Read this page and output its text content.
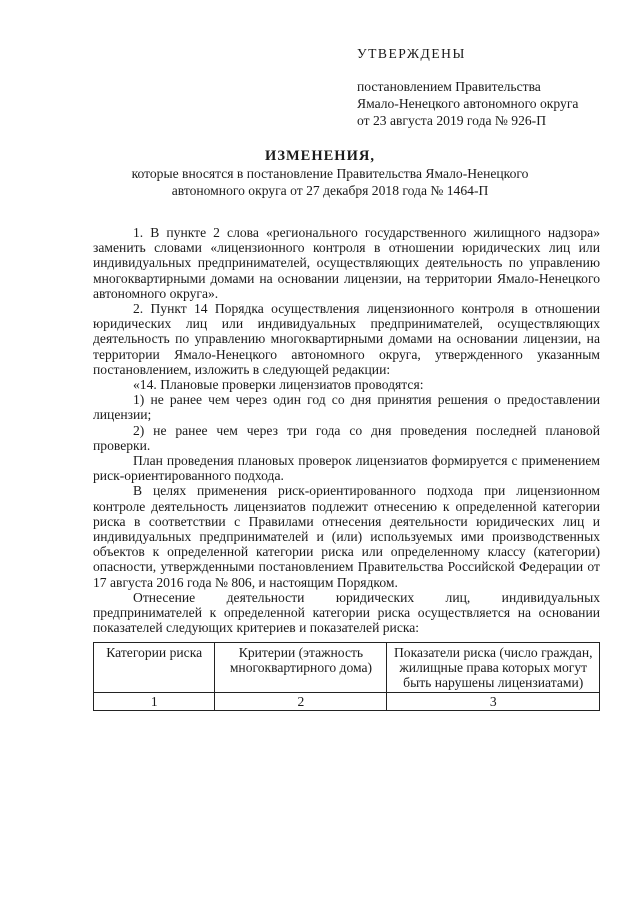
УТВЕРЖДЕНЫ
постановлением Правительства
Ямало-Ненецкого автономного округа
от 23 августа 2019 года № 926-П
ИЗМЕНЕНИЯ,
которые вносятся в постановление Правительства Ямало-Ненецкого
автономного округа от 27 декабря 2018 года № 1464-П

1. В пункте 2 слова «регионального государственного жилищного надзора» заменить словами «лицензионного контроля в отношении юридических лиц или индивидуальных предпринимателей, осуществляющих деятельность по управлению многоквартирными домами на основании лицензии, на территории Ямало-Ненецкого автономного округа».

2. Пункт 14 Порядка осуществления лицензионного контроля в отношении юридических лиц или индивидуальных предпринимателей, осуществляющих деятельность по управлению многоквартирными домами на основании лицензии, на территории Ямало-Ненецкого автономного округа, утвержденного указанным постановлением, изложить в следующей редакции:

«14. Плановые проверки лицензиатов проводятся:

1) не ранее чем через один год со дня принятия решения о предоставлении лицензии;

2) не ранее чем через три года со дня проведения последней плановой проверки.

План проведения плановых проверок лицензиатов формируется с применением риск-ориентированного подхода.

В целях применения риск-ориентированного подхода при лицензионном контроле деятельность лицензиатов подлежит отнесению к определенной категории риска в соответствии с Правилами отнесения деятельности юридических лиц и индивидуальных предпринимателей и (или) используемых ими производственных объектов к определенной категории риска или определенному классу (категории) опасности, утвержденными постановлением Правительства Российской Федерации от 17 августа 2016 года № 806, и настоящим Порядком.

Отнесение деятельности юридических лиц, индивидуальных предпринимателей к определенной категории риска осуществляется на основании показателей следующих критериев и показателей риска:

Категории риска	Критерии (этажность многоквартирного дома)	Показатели риска (число граждан, жилищные права которых могут быть нарушены лицензиатами)
1	2	3
